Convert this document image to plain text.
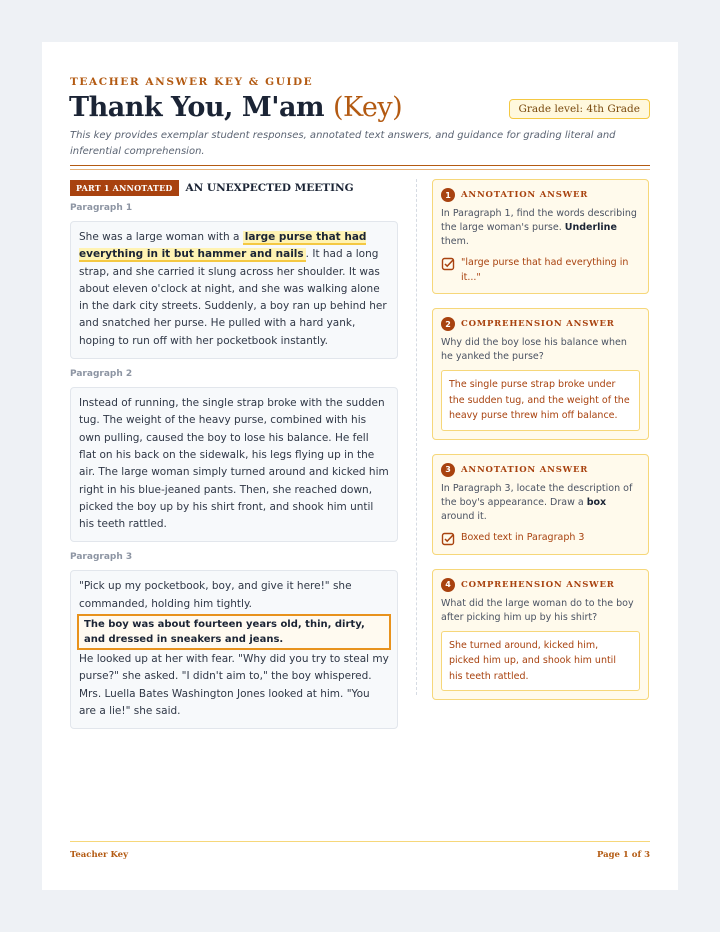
TEACHER ANSWER KEY & GUIDE
Thank You, M'am (Key)	Grade level: 4th Grade
This key provides exemplar student responses, annotated text answers, and guidance for grading literal and inferential comprehension.
PART 1 ANNOTATED	AN UNEXPECTED MEETING
Paragraph 1
She was a large woman with a large purse that had everything in it but hammer and nails . It had a long strap, and she carried it slung across her shoulder. It was about eleven o'clock at night, and she was walking alone in the dark city streets. Suddenly, a boy ran up behind her and snatched her purse. He pulled with a hard yank, hoping to run off with her pocketbook instantly.
Paragraph 2
Instead of running, the single strap broke with the sudden tug. The weight of the heavy purse, combined with his own pulling, caused the boy to lose his balance. He fell flat on his back on the sidewalk, his legs flying up in the air. The large woman simply turned around and kicked him right in his blue-jeaned pants. Then, she reached down, picked the boy up by his shirt front, and shook him until his teeth rattled.
Paragraph 3
"Pick up my pocketbook, boy, and give it here!" she commanded, holding him tightly.
The boy was about fourteen years old, thin, dirty, and dressed in sneakers and jeans.
He looked up at her with fear. "Why did you try to steal my purse?" she asked. "I didn't aim to," the boy whispered. Mrs. Luella Bates Washington Jones looked at him. "You are a lie!" she said.
1	ANNOTATION ANSWER
In Paragraph 1, find the words describing the large woman's purse. Underline them.
"large purse that had everything in it..."
2	COMPREHENSION ANSWER
Why did the boy lose his balance when he yanked the purse?
The single purse strap broke under the sudden tug, and the weight of the heavy purse threw him off balance.
3	ANNOTATION ANSWER
In Paragraph 3, locate the description of the boy's appearance. Draw a box around it.
Boxed text in Paragraph 3
4	COMPREHENSION ANSWER
What did the large woman do to the boy after picking him up by his shirt?
She turned around, kicked him, picked him up, and shook him until his teeth rattled.
Teacher Key	Page 1 of 3
